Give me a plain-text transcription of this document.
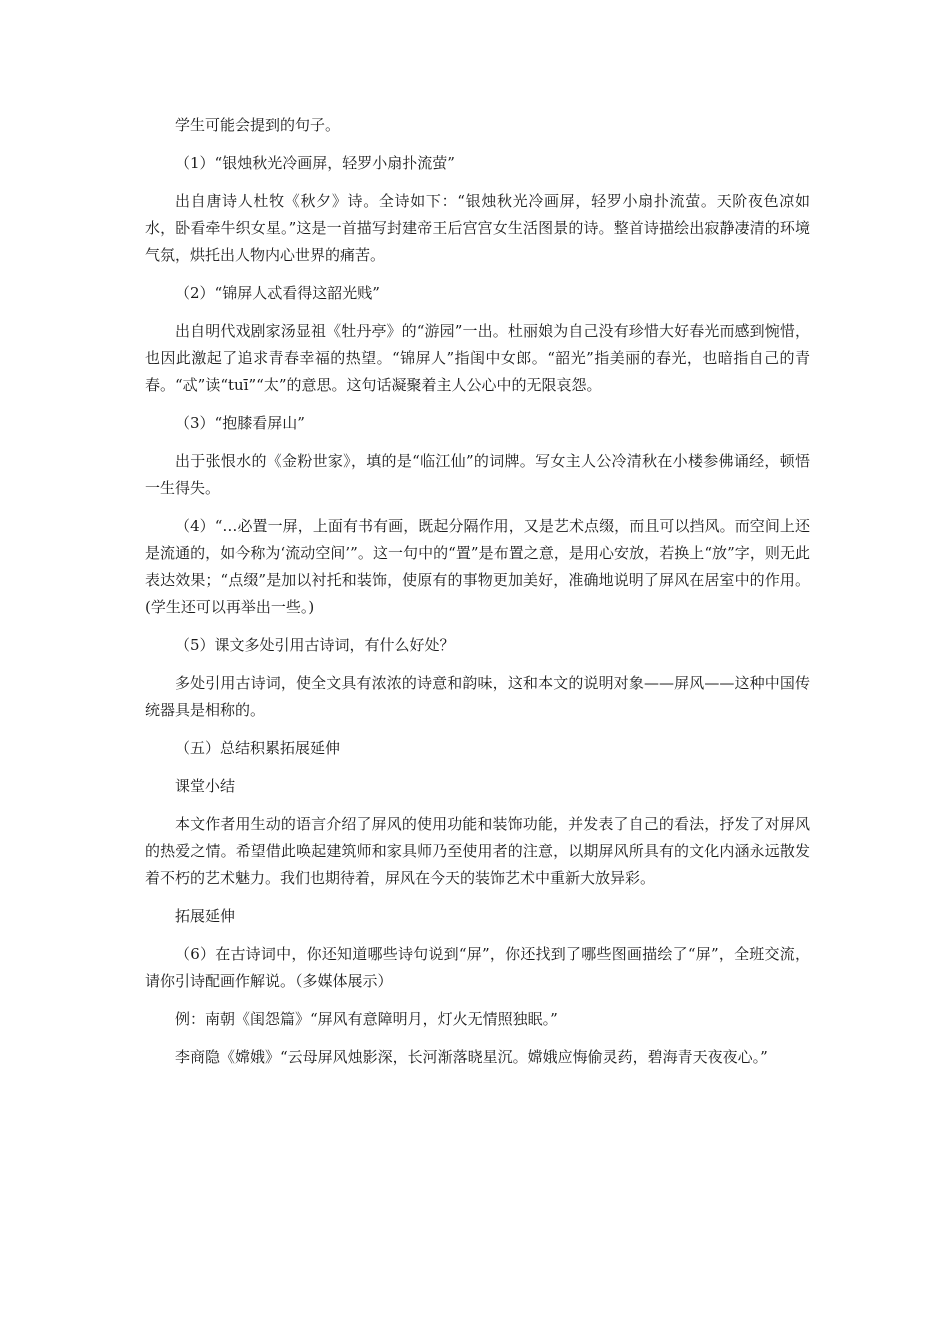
学生可能会提到的句子。

（1）“银烛秋光冷画屏，轻罗小扇扑流萤”

出自唐诗人杜牧《秋夕》诗。全诗如下：“银烛秋光冷画屏，轻罗小扇扑流萤。天阶夜色凉如水，卧看牵牛织女星。”这是一首描写封建帝王后宫宫女生活图景的诗。整首诗描绘出寂静凄清的环境气氛，烘托出人物内心世界的痛苦。

（2）“锦屏人忒看得这韶光贱”

出自明代戏剧家汤显祖《牡丹亭》的“游园”一出。杜丽娘为自己没有珍惜大好春光而感到惋惜，也因此激起了追求青春幸福的热望。“锦屏人”指闺中女郎。“韶光”指美丽的春光，也暗指自己的青春。“忒”读“tuī”“太”的意思。这句话凝聚着主人公心中的无限哀怨。

（3）“抱膝看屏山”

出于张恨水的《金粉世家》，填的是“临江仙”的词牌。写女主人公冷清秋在小楼参佛诵经，顿悟一生得失。

（4）“…必置一屏，上面有书有画，既起分隔作用，又是艺术点缀，而且可以挡风。而空间上还是流通的，如今称为‘流动空间’”。这一句中的“置”是布置之意，是用心安放，若换上“放”字，则无此表达效果；“点缀”是加以衬托和装饰，使原有的事物更加美好，准确地说明了屏风在居室中的作用。(学生还可以再举出一些。)

（5）课文多处引用古诗词，有什么好处？

多处引用古诗词，使全文具有浓浓的诗意和韵味，这和本文的说明对象——屏风——这种中国传统器具是相称的。

（五）总结积累拓展延伸

课堂小结

本文作者用生动的语言介绍了屏风的使用功能和装饰功能，并发表了自己的看法，抒发了对屏风的热爱之情。希望借此唤起建筑师和家具师乃至使用者的注意，以期屏风所具有的文化内涵永远散发着不朽的艺术魅力。我们也期待着，屏风在今天的装饰艺术中重新大放异彩。

拓展延伸

（6）在古诗词中，你还知道哪些诗句说到“屏”，你还找到了哪些图画描绘了“屏”，全班交流，请你引诗配画作解说。（多媒体展示）

例：南朝《闺怨篇》“屏风有意障明月，灯火无情照独眠。”

李商隐《嫦娥》“云母屏风烛影深，长河渐落晓星沉。嫦娥应悔偷灵药，碧海青天夜夜心。”
